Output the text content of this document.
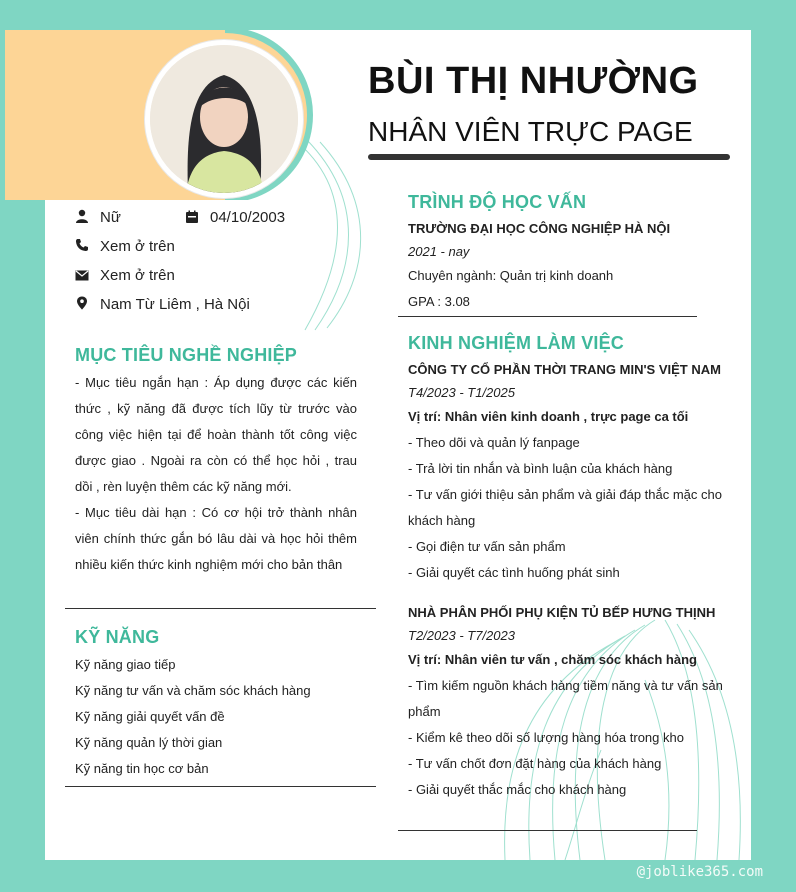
BÙI THỊ NHƯỜNG
NHÂN VIÊN TRỰC PAGE
Nữ	04/10/2003
Xem ở trên
Xem ở trên
Nam Từ Liêm , Hà Nội
MỤC TIÊU NGHỀ NGHIỆP
- Mục tiêu ngắn hạn : Áp dụng được các kiến thức , kỹ năng đã được tích lũy từ trước vào công việc hiện tại để hoàn thành tốt công việc được giao . Ngoài ra còn có thể học hỏi , trau dồi , rèn luyện thêm các kỹ năng mới.
- Mục tiêu dài hạn : Có cơ hội trở thành nhân viên chính thức gắn bó lâu dài và học hỏi thêm nhiều kiến thức kinh nghiệm mới cho bản thân
KỸ NĂNG
Kỹ năng giao tiếp
Kỹ năng tư vấn và chăm sóc khách hàng
Kỹ năng giải quyết vấn đề
Kỹ năng quản lý thời gian
Kỹ năng tin học cơ bản
TRÌNH ĐỘ HỌC VẤN
TRƯỜNG ĐẠI HỌC CÔNG NGHIỆP HÀ NỘI
2021 - nay
Chuyên ngành: Quản trị kinh doanh
GPA : 3.08
KINH NGHIỆM LÀM VIỆC
CÔNG TY CỔ PHẦN THỜI TRANG MIN'S VIỆT NAM
T4/2023 - T1/2025
Vị trí: Nhân viên kinh doanh , trực page ca tối
- Theo dõi và quản lý fanpage
- Trả lời tin nhắn và bình luận của khách hàng
- Tư vấn giới thiệu sản phẩm và giải đáp thắc mặc cho
khách hàng
- Gọi điện tư vấn sản phẩm
- Giải quyết các tình huống phát sinh
NHÀ PHÂN PHỐI PHỤ KIỆN TỦ BẾP HƯNG THỊNH
T2/2023 - T7/2023
Vị trí: Nhân viên tư vấn , chăm sóc khách hàng
- Tìm kiếm nguồn khách hàng tiềm năng và tư vấn sản
phẩm
- Kiểm kê theo dõi số lượng hàng hóa trong kho
- Tư vấn chốt đơn đặt hàng của khách hàng
- Giải quyết thắc mắc cho khách hàng
@joblike365.com
